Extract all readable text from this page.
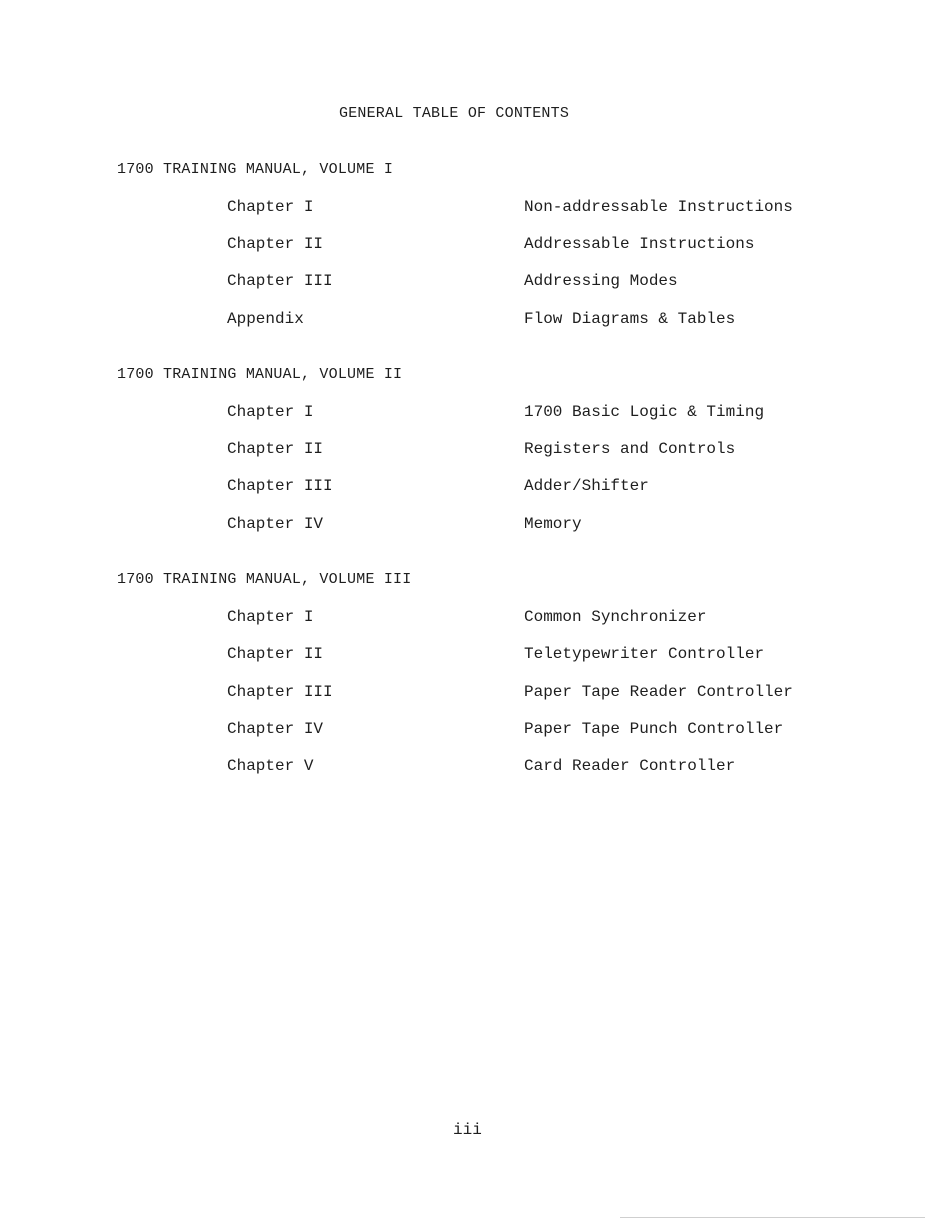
GENERAL TABLE OF CONTENTS
1700 TRAINING MANUAL, VOLUME I
Chapter I	Non-addressable Instructions
Chapter II	Addressable Instructions
Chapter III	Addressing Modes
Appendix	Flow Diagrams & Tables
1700 TRAINING MANUAL, VOLUME II
Chapter I	1700 Basic Logic & Timing
Chapter II	Registers and Controls
Chapter III	Adder/Shifter
Chapter IV	Memory
1700 TRAINING MANUAL, VOLUME III
Chapter I	Common Synchronizer
Chapter II	Teletypewriter Controller
Chapter III	Paper Tape Reader Controller
Chapter IV	Paper Tape Punch Controller
Chapter V	Card Reader Controller
iii
